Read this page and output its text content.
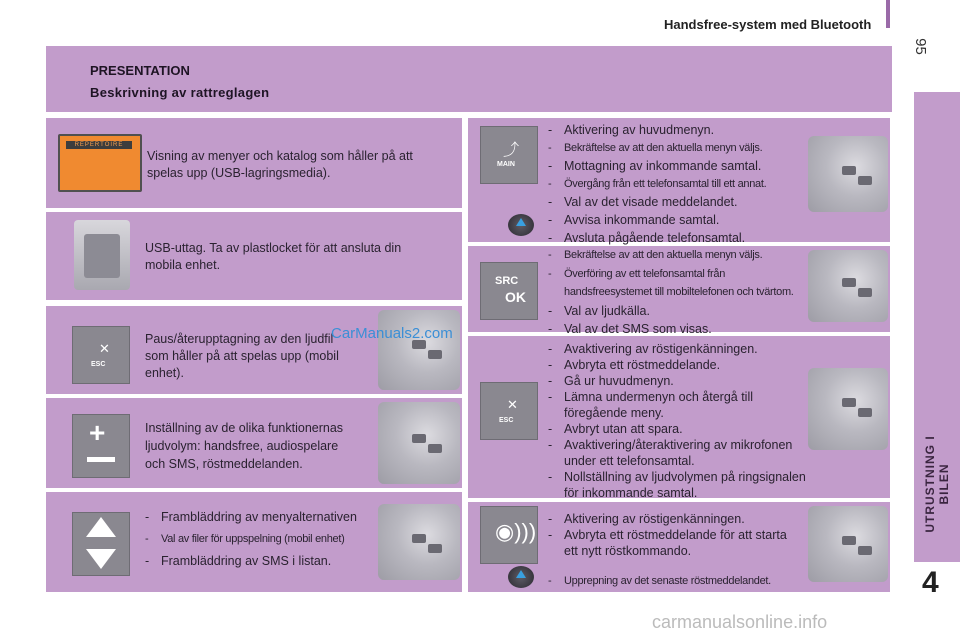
Handsfree-system med Bluetooth
95
UTRUSTNING I BILEN
4
PRESENTATION
Beskrivning av rattreglagen
REPERTOIRE
Visning av menyer och katalog som håller på att
spelas upp (USB-lagringsmedia).
USB-uttag. Ta av plastlocket för att ansluta din
mobila enhet.
ESC
✕
Paus/återupptagning av den ljudfil
som håller på att spelas upp (mobil
enhet).
+	Inställning av de olika funktionernas
ljudvolym: handsfree, audiospelare
och SMS, röstmeddelanden.
- Frambläddring av menyalternativen
- Val av filer för uppspelning (mobil enhet)
- Frambläddring av SMS i listan.
⤴
MAIN
- Aktivering av huvudmenyn.
- Bekräftelse av att den aktuella menyn väljs.
- Mottagning av inkommande samtal.
- Övergång från ett telefonsamtal till ett annat.
- Val av det visade meddelandet.
- Avvisa inkommande samtal.
- Avsluta pågående telefonsamtal.
SRC
OK
- Bekräftelse av att den aktuella menyn väljs.
- Överföring av ett telefonsamtal från handsfreesystemet till mobiltelefonen och tvärtom.
- Val av ljudkälla.
- Val av det SMS som visas.
✕
ESC
- Avaktivering av röstigenkänningen.
- Avbryta ett röstmeddelande.
- Gå ur huvudmenyn.
- Lämna undermenyn och återgå till föregående meny.
- Avbryt utan att spara.
- Avaktivering/återaktivering av mikrofonen under ett telefonsamtal.
- Nollställning av ljudvolymen på ringsignalen för inkommande samtal.
◉)))
-	Aktivering av röstigenkänningen.
- Avbryta ett röstmeddelande för att starta ett nytt röstkommando.
- Upprepning av det senaste röstmeddelandet.
CarManuals2.com
carmanualsonline.info
